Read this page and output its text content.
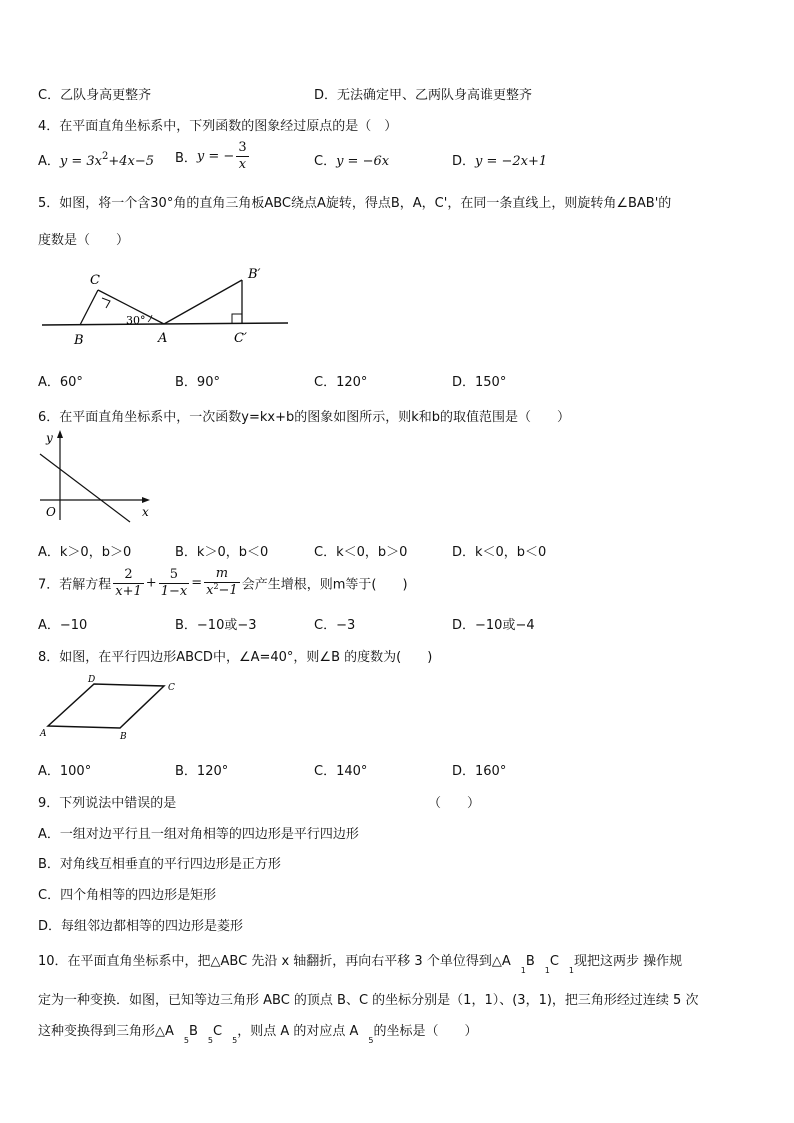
C．乙队身高更整齐	D．无法确定甲、乙两队身高谁更整齐
4．在平面直角坐标系中，下列函数的图象经过原点的是（　）
A．$y = 3x^2+4x-5$ B．y = − $\frac{3}{x}$	C．y = −6x	D．y = −2x+1
5．如图，将一个含30°角的直角三角板ABC绕点A旋转，得点B，A，C'，在同一条直线上，则旋转角∠BAB'的
度数是（　　）
C
B	A
B′
C′
30°
A．60°	B．90°	C．120°	D．150°
6．在平面直角坐标系中，一次函数y=kx+b的图象如图所示，则k和b的取值范围是（　　）
y
x
O
A．k＞0，b＞0	B．k＞0，b＜0	C．k＜0，b＞0	D．k＜0，b＜0
7．若解方程 $\frac{2}{x+1} + \frac{5}{1-x} = \frac{m}{x^2-1}$ 会产生增根，则m等于(　　)
A．−10	B．−10或−3	C．−3	D．−10或−4
8．如图，在平行四边形ABCD中，∠A=40°，则∠B 的度数为(　　)
A	B
C
D
A．100°	B．120°	C．140°	D．160°
9．下列说法中错误的是	（　　）
A．一组对边平行且一组对角相等的四边形是平行四边形
B．对角线互相垂直的平行四边形是正方形
C．四个角相等的四边形是矩形
D．每组邻边都相等的四边形是菱形
10．在平面直角坐标系中，把△ABC 先沿 x 轴翻折，再向右平移 3 个单位得到$\triangle A_1B_1C_1$现把这两步 操作规
定为一种变换．如图，已知等边三角形 ABC 的顶点 B、C 的坐标分别是（1，1）、(3，1)，把三角形经过连续 5 次
这种变换得到三角形$\triangle A_5B_5C_5$，则点 A 的对应点 $A_5$的坐标是（　　）
